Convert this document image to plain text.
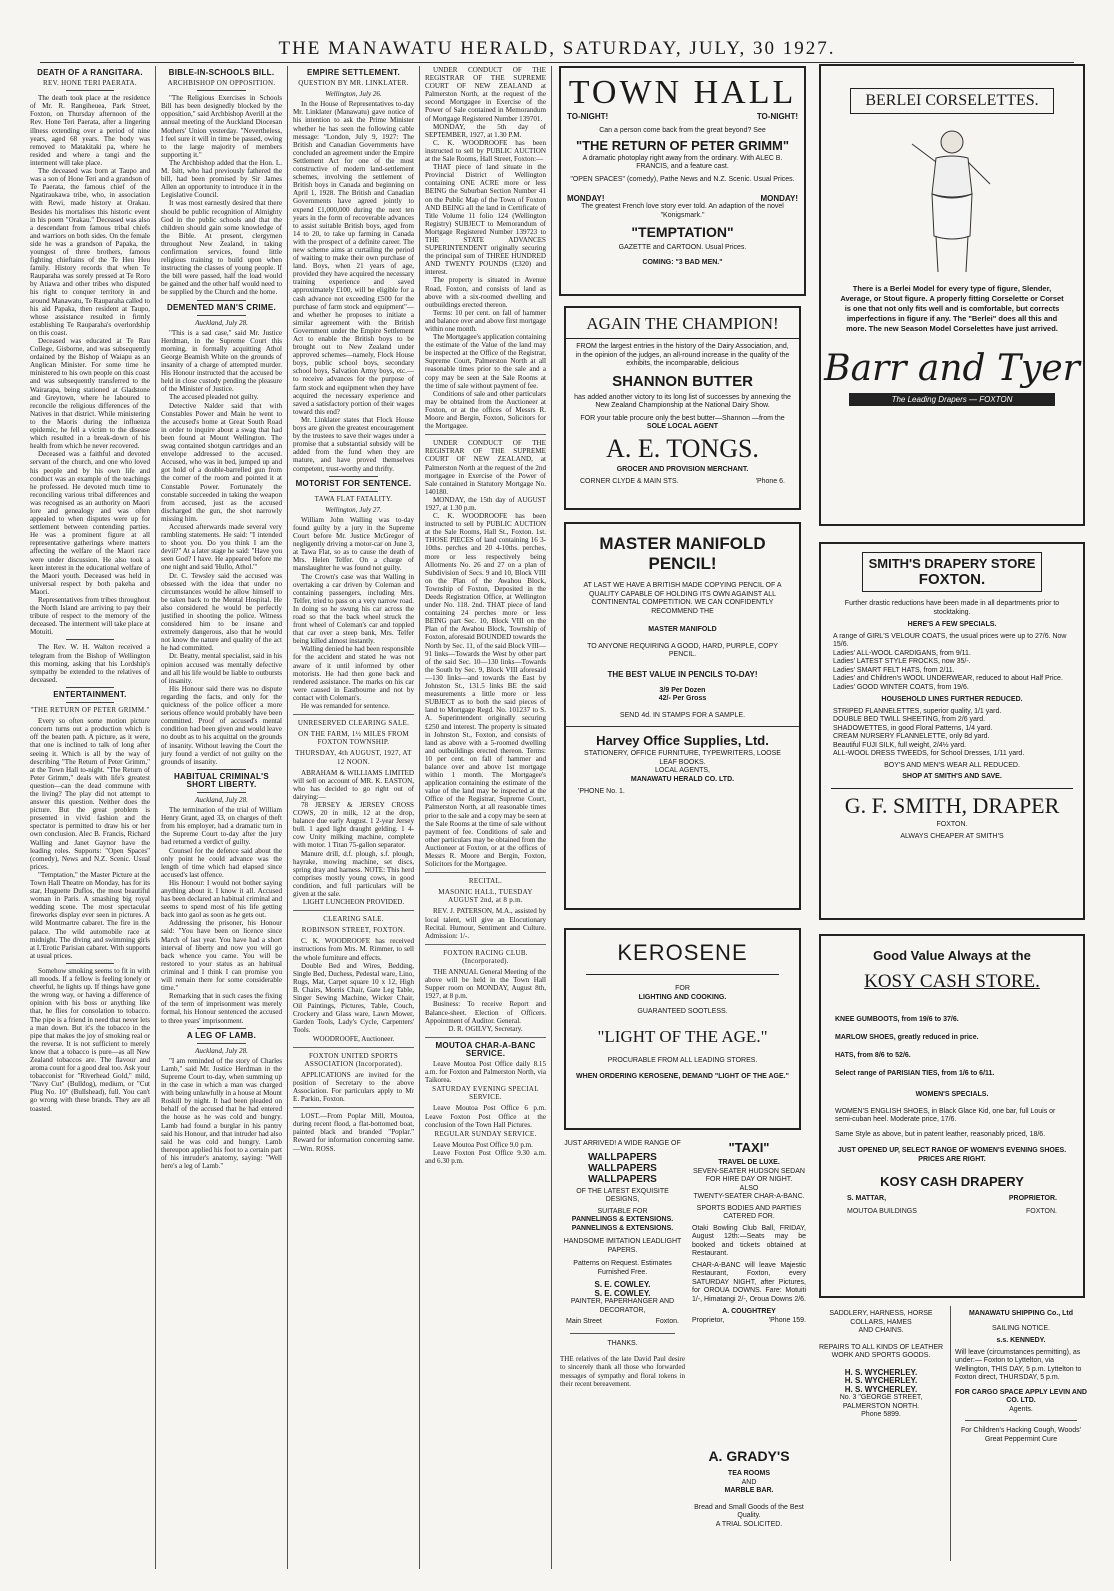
THE MANAWATU HERALD, SATURDAY, JULY, 30 1927.
DEATH OF A RANGITARA.
REV. HONE TERI PAERATA.

The death took place at the residence of Mr. R. Rangiheuea, Park Street, Foxton, on Thursday afternoon of the Rev. Hone Teri Paerata, after a lingering illness extending over a period of nine years, aged 68 years. The body was removed to Matakitaki pa, where he resided and where a tangi and the interment will take place.

The deceased was born at Taupo and was a son of Hone Teri and a grandson of Te Paerata, the famous chief of the Ngatiraukawa tribe, who, in association with Rewi, made history at Orakau. Besides his mortalises this historic event in his poem "Orakau." Deceased was also a descendant from famous tribal chiefs and warriors on both sides. On the female side he was a grandson of Papaka, the youngest of three brothers, famous fighting chieftains of the Te Heu Heu family. History records that when Te Rauparaha was sorely pressed at Te Roro by Atiawa and other tribes who disputed his right to conquer territory in and around Manawatu, Te Rauparaha called to his aid Papaka, then resident at Taupo, whose assistance resulted in firmly establishing Te Rauparaha's overlordship on this coast.

Deceased was educated at Te Rau College, Gisborne, and was subsequently ordained by the Bishop of Waiapu as an Anglican Minister. For some time he ministered to his own people on this coast and was subsequently transferred to the Wairarapa, being stationed at Gladstone and Greytown, where he laboured to reconcile the religious differences of the Natives in that district. While ministering to the Maoris during the influenza epidemic, he fell a victim to the disease which resulted in a break-down of his health from which he never recovered.

Deceased was a faithful and devoted servant of the church, and one who loved his people and by his own life and conduct was an example of the teachings he professed. He devoted much time to reconciling various tribal differences and was recognised as an authority on Maori lore and genealogy and was often appealed to when disputes were up for settlement between contending parties. He was a prominent figure at all representative gatherings where matters affecting the welfare of the Maori race were under discussion. He also took a keen interest in the educational welfare of the Maori youth. Deceased was held in universal respect by both pakeha and Maori.

Representatives from tribes throughout the North Island are arriving to pay their tribute of respect to the memory of the deceased. The interment will take place at Motuiti.

The Rev. W. H. Walton received a telegram from the Bishop of Wellington this morning, asking that his Lordship's sympathy be extended to the relatives of deceased.

ENTERTAINMENT.
"THE RETURN OF PETER GRIMM."

Every so often some motion picture concern turns out a production which is off the beaten path. A picture, as it were, that one is inclined to talk of long after seeing it. Which is all by the way of describing "The Return of Peter Grimm," at the Town Hall to-night. "The Return of Peter Grimm," deals with life's greatest question—can the dead commune with the living? The play did not attempt to answer this question. Neither does the picture. But the great problem is presented in vivid fashion and the spectator is permitted to draw his or her own conclusion. Alec B. Francis, Richard Walling and Janet Gaynor have the leading roles. Supports: "Open Spaces" (comedy), News and N.Z. Scenic. Usual prices.

"Temptation," the Master Picture at the Town Hall Theatre on Monday, has for its star, Huguette Duflos, the most beautiful woman in Paris. A smashing big royal wedding scene. The most spectacular fireworks display ever seen in pictures. A wild Montmartre cabaret. The fire in the palace. The wild automobile race at midnight. The diving and swimming girls at L'Erotic Parisian cabaret. With supports at usual prices.

Somehow smoking seems to fit in with all moods. If a fellow is feeling lonely or cheerful, he lights up. If things have gone the wrong way, or having a difference of opinion with his boss or anything like that, he flies for consolation to tobacco. The pipe is a friend in need that never lets a man down. But it's the tobacco in the pipe that makes the joy of smoking real or the reverse. It is not sufficient to merely know that a tobacco is pure—as all New Zealand tobaccos are. The flavour and aroma count for a good deal too. Ask your tobacconist for "Riverhead Gold," mild, "Navy Cut" (Bulldog), medium, or "Cut Plug No. 10" (Bullshead), full. You can't go wrong with these brands. They are all toasted.

BIBLE-IN-SCHOOLS BILL.
ARCHBISHOP ON OPPOSITION.

"The Religious Exercises in Schools Bill has been designedly blocked by the opposition," said Archbishop Averill at the annual meeting of the Auckland Diocesan Mothers' Union yesterday. "Nevertheless, I feel sure it will in time be passed, owing to the large majority of members supporting it."

The Archbishop added that the Hon. L. M. Isitt, who had previously fathered the bill, had been promised by Sir James Allen an opportunity to introduce it in the Legislative Council.

It was most earnestly desired that there should be public recognition of Almighty God in the public schools and that the children should gain some knowledge of the Bible. At present, clergymen throughout New Zealand, in taking confirmation services, found little religious training to build upon when instructing the classes of young people. If the bill were passed, half the load would be gained and the other half would need to be supplied by the Church and the home.

DEMENTED MAN'S CRIME.
Auckland, July 28.

"This is a sad case," said Mr. Justice Herdman, in the Supreme Court this morning, in formally acquitting Athol George Beamish White on the grounds of insanity of a charge of attempted murder. His Honour instructed that the accused be held in close custody pending the pleasure of the Minister of Justice.

The accused pleaded not guilty.

Detective Nalder said that with Constables Power and Main he went to the accused's home at Great South Road in order to inquire about a swag that had been found at Mount Wellington. The swag contained shotgun cartridges and an envelope addressed to the accused. Accused, who was in bed, jumped up and got hold of a double-barrelled gun from the corner of the room and pointed it at Constable Power. Fortunately the constable succeeded in taking the weapon from accused, just as the accused discharged the gun, the shot narrowly missing him.

Accused afterwards made several very rambling statements. He said: "I intended to shoot you. Do you think I am the devil?" At a later stage he said: "Have you seen God? I have. He appeared before me one night and said 'Hullo, Athol.'"

Dr. C. Tewsley said the accused was obsessed with the idea that under no circumstances would he allow himself to be taken back to the Mental Hospital. He also considered he would be perfectly justified in shooting the police. Witness considered him to be insane and extremely dangerous, also that he would not know the nature and quality of the act he had committed.

Dr. Beatty, mental specialist, said in his opinion accused was mentally defective and all his life would be liable to outbursts of insanity.

His Honour said there was no dispute regarding the facts, and only for the quickness of the police officer a more serious offence would probably have been committed. Proof of accused's mental condition had been given and would leave no doubt as to his acquittal on the grounds of insanity. Without leaving the Court the jury found a verdict of not guilty on the grounds of insanity.

HABITUAL CRIMINAL'S SHORT LIBERTY.
Auckland, July 28.

The termination of the trial of William Henry Grant, aged 33, on charges of theft from his employer, had a dramatic turn in the Supreme Court to-day after the jury had returned a verdict of guilty.

Counsel for the defence said about the only point he could advance was the length of time which had elapsed since accused's last offence.

His Honour: I would not bother saying anything about it. I know it all. Accused has been declared an habitual criminal and seems to spend most of his life getting back into gaol as soon as he gets out.

Addressing the prisoner, his Honour said: "You have been on licence since March of last year. You have had a short interval of liberty and now you will go back whence you came. You will be restored to your status as an habitual criminal and I think I can promise you will remain there for some considerable time."

Remarking that in such cases the fixing of the term of imprisonment was merely formal, his Honour sentenced the accused to three years' imprisonment.

A LEG OF LAMB.
Auckland, July 28.

"I am reminded of the story of Charles Lamb," said Mr. Justice Herdman in the Supreme Court to-day, when summing up in the case in which a man was charged with being unlawfully in a house at Mount Roskill by night. It had been pleaded on behalf of the accused that he had entered the house as he was cold and hungry. Lamb had found a burglar in his pantry said his Honour, and that intruder had also said he was cold and hungry. Lamb thereupon applied his foot to a certain part of his intruder's anatomy, saying: "Well here's a leg of Lamb."

EMPIRE SETTLEMENT.
QUESTION BY MR. LINKLATER.
Wellington, July 26.

In the House of Representatives to-day Mr. Linklater (Manawatu) gave notice of his intention to ask the Prime Minister whether he has seen the following cable message: "London, July 9, 1927: The British and Canadian Governments have concluded an agreement under the Empire Settlement Act for one of the most constructive of modern land-settlement schemes, involving the settlement of British boys in Canada and beginning on April 1, 1928. The British and Canadian Governments have agreed jointly to expend £1,000,000 during the next ten years in the form of recoverable advances to assist suitable British boys, aged from 14 to 20, to take up farming in Canada with the prospect of a definite career. The new scheme aims at curtailing the period of waiting to make their own purchase of land. Boys, when 21 years of age, provided they have acquired the necessary training experience and saved approximately £100, will be eligible for a cash advance not exceeding £500 for the purchase of farm stock and equipment"—and whether he proposes to initiate a similar agreement with the British Government under the Empire Settlement Act to enable the British boys to be brought out to New Zealand under approved schemes—namely, Flock House boys, public school boys, secondary school boys, Salvation Army boys, etc.—to receive advances for the purpose of farm stock and equipment when they have acquired the necessary experience and saved a satisfactory portion of their wages toward this end?

Mr. Linklater states that Flock House boys are given the greatest encouragement by the trustees to save their wages under a promise that a substantial subsidy will be added from the fund when they are mature, and have proved themselves competent, trust-worthy and thrifty.

MOTORIST FOR SENTENCE.
TAWA FLAT FATALITY.
Wellington, July 27.

William John Walling was to-day found guilty by a jury in the Supreme Court before Mr. Justice McGregor of negligently driving a motor-car on June 3, at Tawa Flat, so as to cause the death of Mrs. Helen Telfer. On a charge of manslaughter he was found not guilty.

The Crown's case was that Walling in overtaking a car driven by Coleman and containing passengers, including Mrs. Telfer, tried to pass on a very narrow road. In doing so he swung his car across the road so that the back wheel struck the front wheel of Coleman's car and toppled that car over a steep bank, Mrs. Telfer being killed almost instantly.

Walling denied he had been responsible for the accident and stated he was not aware of it until informed by other motorists. He had then gone back and rendered assistance. The marks on his car were caused in Eastbourne and not by contact with Coleman's.

He was remanded for sentence.

UNRESERVED CLEARING SALE.
ON THE FARM, 1½ MILES FROM FOXTON TOWNSHIP.
THURSDAY, 4th AUGUST, 1927, AT 12 NOON.

ABRAHAM & WILLIAMS LIMITED will sell on account of MR. K. EASTON, who has decided to go right out of dairying:—

78 JERSEY & JERSEY CROSS COWS, 20 in milk, 12 at the drop, balance due early August. 1 2-year Jersey bull. 1 aged light draught gelding. 1 4-cow Unity milking machine, complete with motor. 1 Titan 75-gallon separator.

Manure drill, d.f. plough, s.f. plough, hayrake, mowing machine, set discs, spring dray and harness. NOTE: This herd comprises mostly young cows, in good condition, and full particulars will be given at the sale.

LIGHT LUNCHEON PROVIDED.
CLEARING SALE.
ROBINSON STREET, FOXTON.

C. K. WOODROOFE has received instructions from Mrs. M. Rimmer, to sell the whole furniture and effects.

Double Bed and Wires, Bedding, Single Bed, Duchess, Pedestal ware, Lino, Rugs, Mat, Carpet square 10 x 12, High B. Chairs, Morris Chair, Gate Leg Table, Singer Sewing Machine, Wicker Chair, Oil Paintings, Pictures, Table, Couch, Crockery and Glass ware, Lawn Mower, Garden Tools, Lady's Cycle, Carpenters' Tools.

WOODROOFE, Auctioneer.
FOXTON UNITED SPORTS ASSOCIATION (Incorporated).

APPLICATIONS are invited for the position of Secretary to the above Association. For particulars apply to Mr E. Parkin, Foxton.

LOST.—From Poplar Mill, Moutoa, during recent flood, a flat-bottomed boat, painted black and branded "Poplar." Reward for information concerning same.—Wm. ROSS.

UNDER CONDUCT OF THE REGISTRAR OF THE SUPREME COURT OF NEW ZEALAND at Palmerston North, at the request of the second Mortgagee in Exercise of the Power of Sale contained in Memorandum of Mortgage Registered Number 139701.

MONDAY, the 5th day of SEPTEMBER, 1927, at 1.30 P.M.

C. K. WOODROOFE has been instructed to sell by PUBLIC AUCTION at the Sale Rooms, Hall Street, Foxton:—

THAT piece of land situate in the Provincial District of Wellington containing ONE ACRE more or less BEING the Suburban Section Number 41 on the Public Map of the Town of Foxton AND BEING all the land in Certificate of Title Volume 11 folio 124 (Wellington Registry) SUBJECT to Memorandum of Mortgage Registered Number 139723 to THE STATE ADVANCES SUPERINTENDENT originally securing the principal sum of THREE HUNDRED AND TWENTY POUNDS (£320) and interest.

The property is situated in Avenue Road, Foxton, and consists of land as above with a six-roomed dwelling and outbuildings erected thereon.

Terms: 10 per cent. on fall of hammer and balance over and above first mortgage within one month.

The Mortgagee's application containing the estimate of the Value of the land may be inspected at the Office of the Registrar, Supreme Court, Palmerston North at all reasonable times prior to the sale and a copy may be seen at the Sale Rooms at the time of sale without payment of fee.

Conditions of sale and other particulars may be obtained from the Auctioneer at Foxton, or at the offices of Messrs R. Moore and Bergin, Foxton, Solicitors for the Mortgagee.

UNDER CONDUCT OF THE REGISTRAR OF THE SUPREME COURT OF NEW ZEALAND, at Palmerston North at the request of the 2nd mortgagee in Exercise of the Power of Sale contained in Statutory Mortgage No. 140180.

MONDAY, the 15th day of AUGUST 1927, at 1.30 p.m.

C. K. WOODROOFE has been instructed to sell by PUBLIC AUCTION at the Sale Rooms, Hall St., Foxton. 1st. THOSE PIECES of land containing 16 3-10ths. perches and 20 4-10ths. perches, more or less respectively being Allotments No. 26 and 27 on a plan of Subdivision of Secs. 9 and 10, Block VIII on the Plan of the Awahou Block, Township of Foxton, Deposited in the Deeds Registration Office, at Wellington under No. 118. 2nd. THAT piece of land containing 24 perches more or less BEING part Sec. 10, Block VIII on the Plan of the Awahou Block, Township of Foxton, aforesaid BOUNDED towards the North by Sec. 11, of the said Block VIII—91 links—Towards the West by other part of the said Sec. 10—130 links—Towards the South by Sec. 9, Block VIII aforesaid—130 links—and towards the East by Johnston St., 131.5 links BE the said measurements a little more or less SUBJECT as to both the said pieces of land to Mortgage Regd. No. 101237 to S. A. Superintendent originally securing £250 and interest. The property is situated in Johnston St., Foxton, and consists of land as above with a 5-roomed dwelling and outbuildings erected thereon. Terms: 10 per cent. on fall of hammer and balance over and above 1st mortgage within 1 month. The Mortgagee's application containing the estimate of the value of the land may be inspected at the Office of the Registrar, Supreme Court, Palmerston North, at all reasonable times prior to the sale and a copy may be seen at the Sale Rooms at the time of sale without payment of fee. Conditions of sale and other particulars may be obtained from the Auctioneer at Foxton, or at the offices of Messrs R. Moore and Bergin, Foxton, Solicitors for the Mortgagee.

RECITAL.
MASONIC HALL, TUESDAY AUGUST 2nd, at 8 p.m.

REV. J. PATERSON, M.A., assisted by local talent, will give an Elocutionary Recital. Humour, Sentiment and Culture. Admission: 1/-.

FOXTON RACING CLUB. (Incorporated).

THE ANNUAL General Meeting of the above will be held in the Town Hall Supper room on MONDAY, August 8th, 1927, at 8 p.m.

Business: To receive Report and Balance-sheet. Election of Officers. Appointment of Auditor. General.

D. R. OGILVY, Secretary.
MOUTOA CHAR-A-BANC SERVICE.

Leave Moutoa Post Office daily 8.15 a.m. for Foxton and Palmerston North, via Taikorea.

SATURDAY EVENING SPECIAL SERVICE.

Leave Moutoa Post Office 6 p.m. Leave Foxton Post Office at the conclusion of the Town Hall Pictures.

REGULAR SUNDAY SERVICE.

Leave Moutoa Post Office 9.0 p.m.

Leave Foxton Post Office 9.30 a.m. and 6.30 p.m.

TOWN HALL
TO-NIGHT!	TO-NIGHT!
Can a person come back from the great beyond? See
"THE RETURN OF PETER GRIMM"
A dramatic photoplay right away from the ordinary. With ALEC B. FRANCIS, and a feature cast.
"OPEN SPACES" (comedy), Pathe News and N.Z. Scenic. Usual Prices.
MONDAY!	MONDAY!
The greatest French love story ever told. An adaption of the novel "Konigsmark."
"TEMPTATION"
GAZETTE and CARTOON. Usual Prices.
COMING: "3 BAD MEN."
AGAIN THE CHAMPION!
FROM the largest entries in the history of the Dairy Association, and, in the opinion of the judges, an all-round increase in the quality of the exhibits, the incomparable, delicious
SHANNON BUTTER
has added another victory to its long list of successes by annexing the New Zealand Championship at the National Dairy Show.
FOR your table procure only the best butter—Shannon —from the
SOLE LOCAL AGENT
A. E. TONGS.
GROCER AND PROVISION MERCHANT.
CORNER CLYDE & MAIN STS.	'Phone 6.
MASTER MANIFOLD PENCIL!
AT LAST WE HAVE A BRITISH MADE COPYING PENCIL OF A QUALITY CAPABLE OF HOLDING ITS OWN AGAINST ALL CONTINENTAL COMPETITION. WE CAN CONFIDENTLY RECOMMEND THE
MASTER MANIFOLD
TO ANYONE REQUIRING A GOOD, HARD, PURPLE, COPY PENCIL.
THE BEST VALUE IN PENCILS TO-DAY!
3/9 Per Dozen
42/- Per Gross
SEND 4d. IN STAMPS FOR A SAMPLE.
Harvey Office Supplies, Ltd.
STATIONERY, OFFICE FURNITURE, TYPEWRITERS, LOOSE LEAF BOOKS.
LOCAL AGENTS,
MANAWATU HERALD CO. LTD.
'PHONE No. 1.
KEROSENE
FOR
LIGHTING AND COOKING.
GUARANTEED SOOTLESS.
"LIGHT OF THE AGE."
PROCURABLE FROM ALL LEADING STORES.
WHEN ORDERING KEROSENE, DEMAND "LIGHT OF THE AGE."
JUST ARRIVED! A WIDE RANGE OF
WALLPAPERS
WALLPAPERS
WALLPAPERS
OF THE LATEST EXQUISITE DESIGNS,
SUITABLE FOR
PANNELINGS & EXTENSIONS.
PANNELINGS & EXTENSIONS.
HANDSOME IMITATION LEADLIGHT PAPERS.
Patterns on Request. Estimates Furnished Free.
S. E. COWLEY.
S. E. COWLEY.
PAINTER, PAPERHANGER AND DECORATOR,
Main Street	Foxton.
THANKS.
THE relatives of the late David Paul desire to sincerely thank all those who forwarded messages of sympathy and floral tokens in their recent bereavement.
"TAXI"
TRAVEL DE LUXE.
SEVEN-SEATER HUDSON SEDAN FOR HIRE DAY OR NIGHT.
ALSO
TWENTY-SEATER CHAR-A-BANC.
SPORTS BODIES AND PARTIES CATERED FOR.
Otaki Bowling Club Ball, FRIDAY, August 12th:—Seats may be booked and tickets obtained at Restaurant.
CHAR-A-BANC will leave Majestic Restaurant, Foxton, every SATURDAY NIGHT, after Pictures, for OROUA DOWNS. Fare: Motuiti 1/-, Himatangi 2/-, Oroua Downs 2/6.
A. COUGHTREY
Proprietor,	'Phone 159.
A. GRADY'S
TEA ROOMS
AND
MARBLE BAR.
Bread and Small Goods of the Best Quality.
A TRIAL SOLICITED.
BERLEI CORSELETTES.
There is a Berlei Model for every type of figure, Slender, Average, or Stout figure. A properly fitting Corselette or Corset is one that not only fits well and is comfortable, but corrects imperfections in figure if any. The "Berlei" does all this and more. The new Season Model Corselettes have just arrived.
Barr and Tyer
The Leading Drapers — FOXTON
SMITH'S DRAPERY STORE
FOXTON.
Further drastic reductions have been made in all departments prior to stocktaking.
HERE'S A FEW SPECIALS.
A range of GIRL'S VELOUR COATS, the usual prices were up to 27/6. Now 15/6.
Ladies' ALL-WOOL CARDIGANS, from 9/11.
Ladies' LATEST STYLE FROCKS, now 35/-.
Ladies' SMART FELT HATS, from 2/11.
Ladies' and Children's WOOL UNDERWEAR, reduced to about Half Price.
Ladies' GOOD WINTER COATS, from 19/6.
HOUSEHOLD LINES FURTHER REDUCED.
STRIPED FLANNELETTES, superior quality, 1/1 yard.
DOUBLE BED TWILL SHEETING, from 2/6 yard.
SHADOWETTES, in good Floral Patterns, 1/4 yard.
CREAM NURSERY FLANNELETTE, only 8d yard.
Beautiful FUJI SILK, full weight, 2/4½ yard.
ALL-WOOL DRESS TWEEDS, for School Dresses, 1/11 yard.
BOY'S AND MEN'S WEAR ALL REDUCED.
SHOP AT SMITH'S AND SAVE.
G. F. SMITH, DRAPER
FOXTON.
ALWAYS CHEAPER AT SMITH'S
Good Value Always at the
KOSY CASH STORE.
KNEE GUMBOOTS, from 19/6 to 37/6.
MARLOW SHOES, greatly reduced in price.
HATS, from 8/6 to 52/6.
Select range of PARISIAN TIES, from 1/6 to 6/11.
WOMEN'S SPECIALS.
WOMEN'S ENGLISH SHOES, in Black Glace Kid, one bar, full Louis or semi-cuban heel. Moderate price, 17/6.
Same Style as above, but in patent leather, reasonably priced, 18/6.
JUST OPENED UP, SELECT RANGE OF WOMEN'S EVENING SHOES. PRICES ARE RIGHT.
KOSY CASH DRAPERY
S. MATTAR,	PROPRIETOR.
MOUTOA BUILDINGS	FOXTON.
SADDLERY, HARNESS, HORSE
COLLARS, HAMES
AND CHAINS.
REPAIRS TO ALL KINDS OF LEATHER WORK AND SPORTS GOODS.
H. S. WYCHERLEY.
H. S. WYCHERLEY.
H. S. WYCHERLEY.
No. 3 "GEORGE STREET,
PALMERSTON NORTH.
Phone 5899.
MANAWATU SHIPPING Co., Ltd
SAILING NOTICE.
s.s. KENNEDY.
Will leave (circumstances permitting), as under:— Foxton to Lyttelton, via Wellington, THIS DAY, 5 p.m. Lyttelton to Foxton direct, THURSDAY, 5 p.m.
FOR CARGO SPACE APPLY LEVIN AND CO. LTD.
Agents.
For Children's Hacking Cough, Woods' Great Peppermint Cure
